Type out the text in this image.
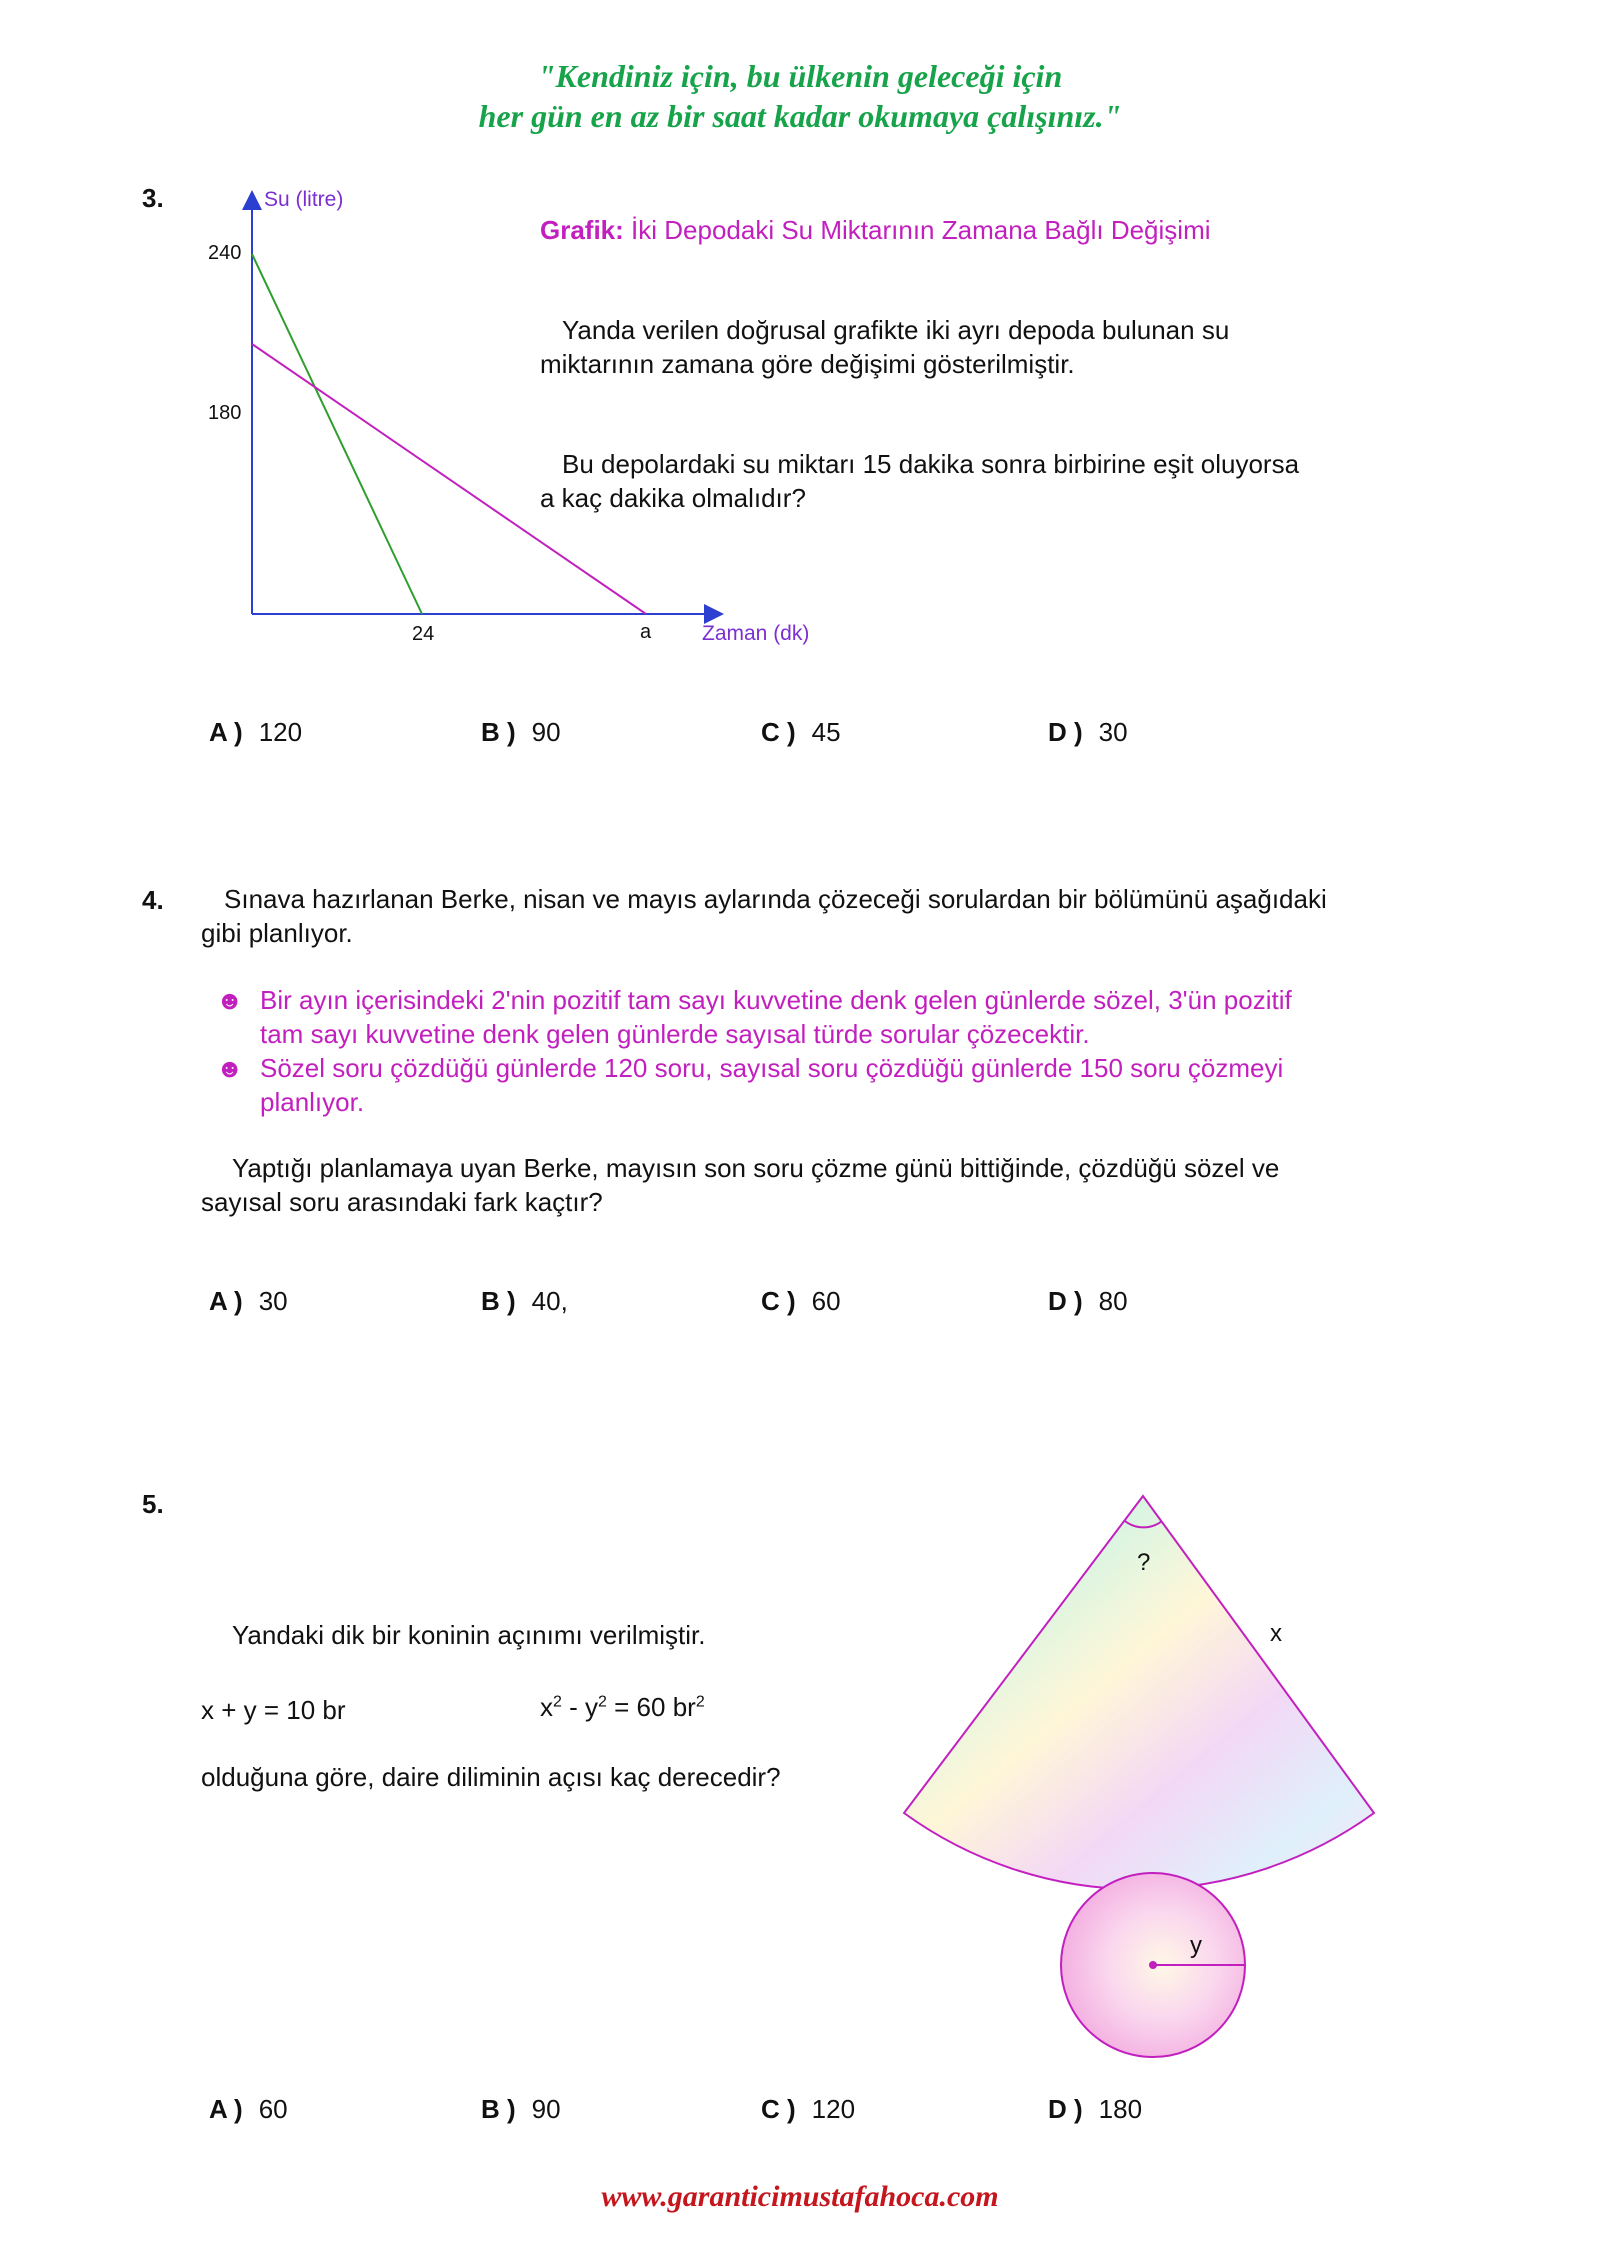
"Kendiniz için, bu ülkenin geleceği için
her gün en az bir saat kadar okumaya çalışınız."
3.	Su (litre)
Zaman (dk)
240
180
24	a
Grafik: İki Depodaki Su Miktarının Zamana Bağlı Değişimi
Yanda verilen doğrusal grafikte iki ayrı depoda bulunan su
miktarının zamana göre değişimi gösterilmiştir.
Bu depolardaki su miktarı 15 dakika sonra birbirine eşit oluyorsa
a kaç dakika olmalıdır?
A ) 120	B ) 90	C ) 45	D ) 30
4. Sınava hazırlanan Berke, nisan ve mayıs aylarında çözeceği sorulardan bir bölümünü aşağıdaki
gibi planlıyor.
☻ Bir ayın içerisindeki 2'nin pozitif tam sayı kuvvetine denk gelen günlerde sözel, 3'ün pozitif
tam sayı kuvvetine denk gelen günlerde sayısal türde sorular çözecektir.
☻ Sözel soru çözdüğü günlerde 120 soru, sayısal soru çözdüğü günlerde 150 soru çözmeyi
planlıyor.
Yaptığı planlamaya uyan Berke, mayısın son soru çözme günü bittiğinde, çözdüğü sözel ve
sayısal soru arasındaki fark kaçtır?
A ) 30	B ) 40,	C ) 60	D ) 80
5.
Yandaki dik bir koninin açınımı verilmiştir.
x + y = 10 br	$x^2 - y^2 = 60$ $br^2$
olduğuna göre, daire diliminin açısı kaç derecedir?
?
x
y
A ) 60	B ) 90	C ) 120	D ) 180
www.garanticimustafahoca.com
